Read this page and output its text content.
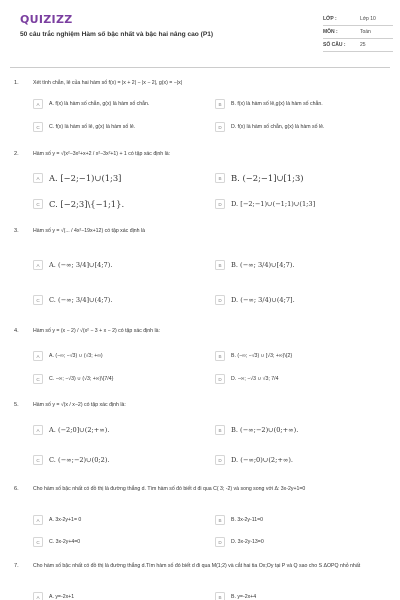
QUIZIZZ
50 câu trắc nghiệm Hàm số bậc nhất và bậc hai nâng cao (P1)
LỚP :	Lớp 10
MÔN :	Toán
SỐ CÂU :	25
1.	Xét tính chẵn, lẻ của hai hàm số f(x) = |x + 2| − |x − 2|, g(x) = −|x|
A	A. f(x) là hàm số chẵn, g(x) là hàm số chẵn.	B	B. f(x) là hàm số lẻ,g(x) là hàm số chẵn.
C	C. f(x) là hàm số lẻ, g(x) là hàm số lẻ.	D	D. f(x) là hàm số chẵn, g(x) là hàm số lẻ.
2.	Hàm số y = √(x²−3x²+x+2 / x²−3x²+1) + 1 có tập xác định là:
A	A. [−2;−1)∪(1;3]	B	B. (−2;−1]∪[1;3)
C	C. [−2;3]\{−1;1}.	D	D. [−2;−1)∪(−1;1)∪(1;3]
3.	Hàm số y = √(... / 4x²−19x+12) có tập xác định là
A	A. (−∞; 3/4]∪[4;7).	B	B. (−∞; 3/4)∪[4;7).
C	C. (−∞; 3/4]∪(4;7).	D	D. (−∞; 3/4)∪(4;7].
4.	Hàm số y = (x − 2) / √(x² − 3 + x − 2) có tập xác định là:
A	A. (−∞; −√3) ∪ (√3; +∞)	B	B. (−∞; −√3) ∪ [√3; +∞)\{2}
C	C. −∞; −√3) ∪ (√3; +∞)\{7/4}	D	D. −∞; −√3 ∪ √3; 7/4
5.	Hàm số y = √(x / x−2) có tập xác định là:
A	A. (−2;0]∪(2;+∞).	B	B. (−∞;−2)∪(0;+∞).
C	C. (−∞;−2)∪(0;2).	D	D. (−∞;0)∪(2;+∞).
6.	Cho hàm số bậc nhất có đồ thị là đường thẳng d. Tìm hàm số đó biết d đi qua C( 3; -2) và song song với Δ: 3x-2y+1=0
A	A. 3x-2y+1= 0	B	B. 3x-2y-11=0
C	C. 3x-2y+4=0	D	D. 3x-2y-13=0
7.	Cho hàm số bậc nhất có đồ thị là đường thẳng d.Tìm hàm số đó biết d đi qua M(1;2) và cắt hai tia Ox;Oy tại P và Q sao cho S ΔOPQ nhỏ nhất
A	A. y=-2x+1	B	B. y=-2x+4
